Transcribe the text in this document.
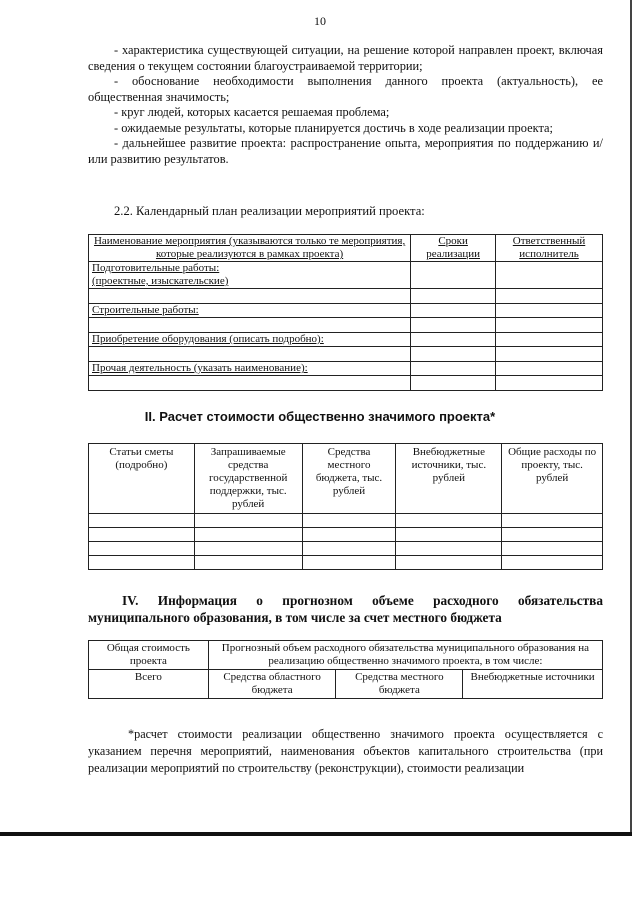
10

- характеристика существующей ситуации, на решение которой направлен проект, включая сведения о текущем состоянии благоустраиваемой территории;

- обоснование необходимости выполнения данного проекта (актуальность), ее общественная значимость;

- круг людей, которых касается решаемая проблема;

- ожидаемые результаты, которые планируется достичь в ходе реализации проекта;

- дальнейшее развитие проекта: распространение опыта, мероприятия по поддержанию и/или развитию результатов.

2.2. Календарный план реализации мероприятий проекта:
Наименование мероприятия (указываются только те мероприятия, которые реализуются в рамках проекта)	Сроки реализации	Ответственный исполнитель
Подготовительные работы:		
(проектные, изыскательские)		

Строительные работы:		

Приобретение оборудования (описать подробно):		

Прочая деятельность (указать наименование):		

II. Расчет стоимости общественно значимого проекта*
Статьи сметы (подробно)	Запрашиваемые средства государственной поддержки, тыс. рублей	Средства местного бюджета, тыс. рублей	Внебюджетные источники, тыс. рублей	Общие расходы по проекту, тыс. рублей

IV. Информация о прогнозном объеме расходного обязательства
муниципального образования, в том числе за счет местного бюджета
Общая стоимость проекта	Прогнозный объем расходного обязательства муниципального образования на реализацию общественно значимого проекта, в том числе:		
Всего	Средства областного бюджета	Средства местного бюджета	Внебюджетные источники

*расчет стоимости реализации общественно значимого проекта осуществляется с указанием перечня мероприятий, наименования объектов капитального строительства (при реализации мероприятий по строительству (реконструкции), стоимости реализации
